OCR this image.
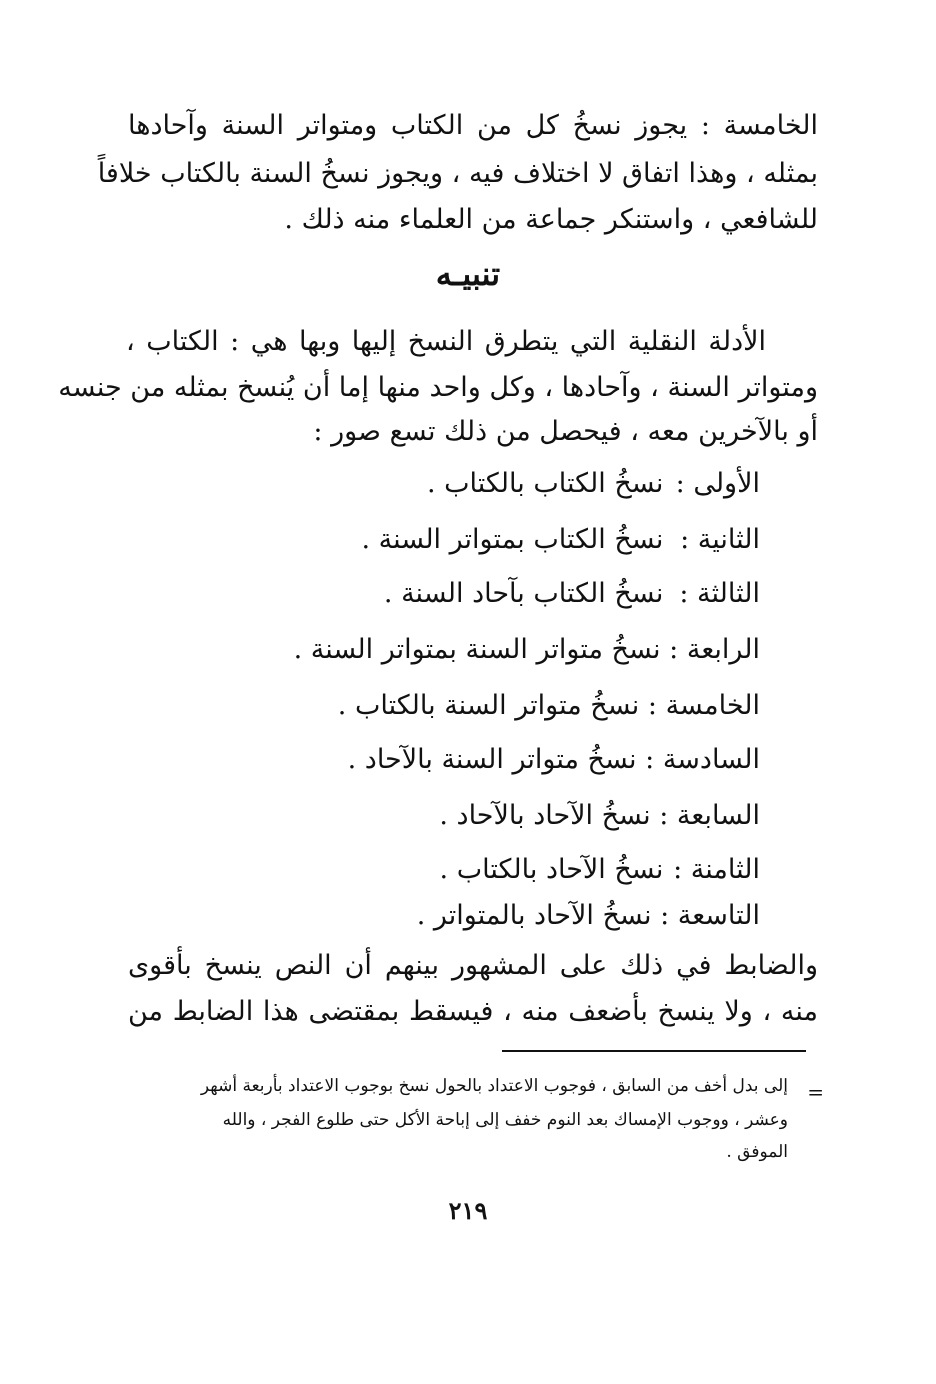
الخامسة : يجوز نسخُ كل من الكتاب ومتواتر السنة وآحادها
بمثله ، وهذا اتفاق لا اختلاف فيه ، ويجوز نسخُ السنة بالكتاب خلافاً
للشافعي ، واستنكر جماعة من العلماء منه ذلك .
تنبيـه
الأدلة النقلية التي يتطرق النسخ إليها وبها هي : الكتاب ،
ومتواتر السنة ، وآحادها ، وكل واحد منها إما أن يُنسخ بمثله من جنسه
أو بالآخرين معه ، فيحصل من ذلك تسع صور :
الأولى : نسخُ الكتاب بالكتاب .
الثانية : نسخُ الكتاب بمتواتر السنة .
الثالثة : نسخُ الكتاب بآحاد السنة .
الرابعة : نسخُ متواتر السنة بمتواتر السنة .
الخامسة : نسخُ متواتر السنة بالكتاب .
السادسة : نسخُ متواتر السنة بالآحاد .
السابعة : نسخُ الآحاد بالآحاد .
الثامنة : نسخُ الآحاد بالكتاب .
التاسعة : نسخُ الآحاد بالمتواتر .
والضابط في ذلك على المشهور بينهم أن النص ينسخ بأقوى
منه ، ولا ينسخ بأضعف منه ، فيسقط بمقتضى هذا الضابط من
=
إلى بدل أخف من السابق ، فوجوب الاعتداد بالحول نسخ بوجوب الاعتداد بأربعة أشهر
وعشر ، ووجوب الإمساك بعد النوم خفف إلى إباحة الأكل حتى طلوع الفجر ، والله
الموفق .
٢١٩
